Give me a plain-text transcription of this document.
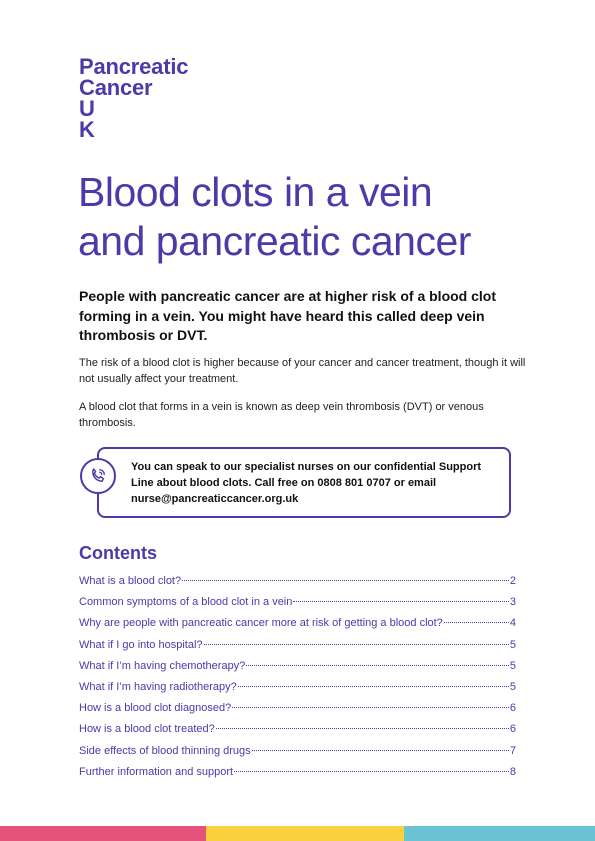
Pancreatic
Cancer
U
K
Blood clots in a vein
and pancreatic cancer

People with pancreatic cancer are at higher risk of a blood clot forming in a vein. You might have heard this called deep vein thrombosis or DVT.

The risk of a blood clot is higher because of your cancer and cancer treatment, though it will not usually affect your treatment.

A blood clot that forms in a vein is known as deep vein thrombosis (DVT) or venous thrombosis.

You can speak to our specialist nurses on our confidential Support Line about blood clots. Call free on 0808 801 0707 or email nurse@pancreaticcancer.org.uk

Contents
What is a blood clot?	2
Common symptoms of a blood clot in a vein	3
Why are people with pancreatic cancer more at risk of getting a blood clot?	4
What if I go into hospital?	5
What if I’m having chemotherapy?	5
What if I’m having radiotherapy?	5
How is a blood clot diagnosed?	6
How is a blood clot treated?	6
Side effects of blood thinning drugs	7
Further information and support	8
